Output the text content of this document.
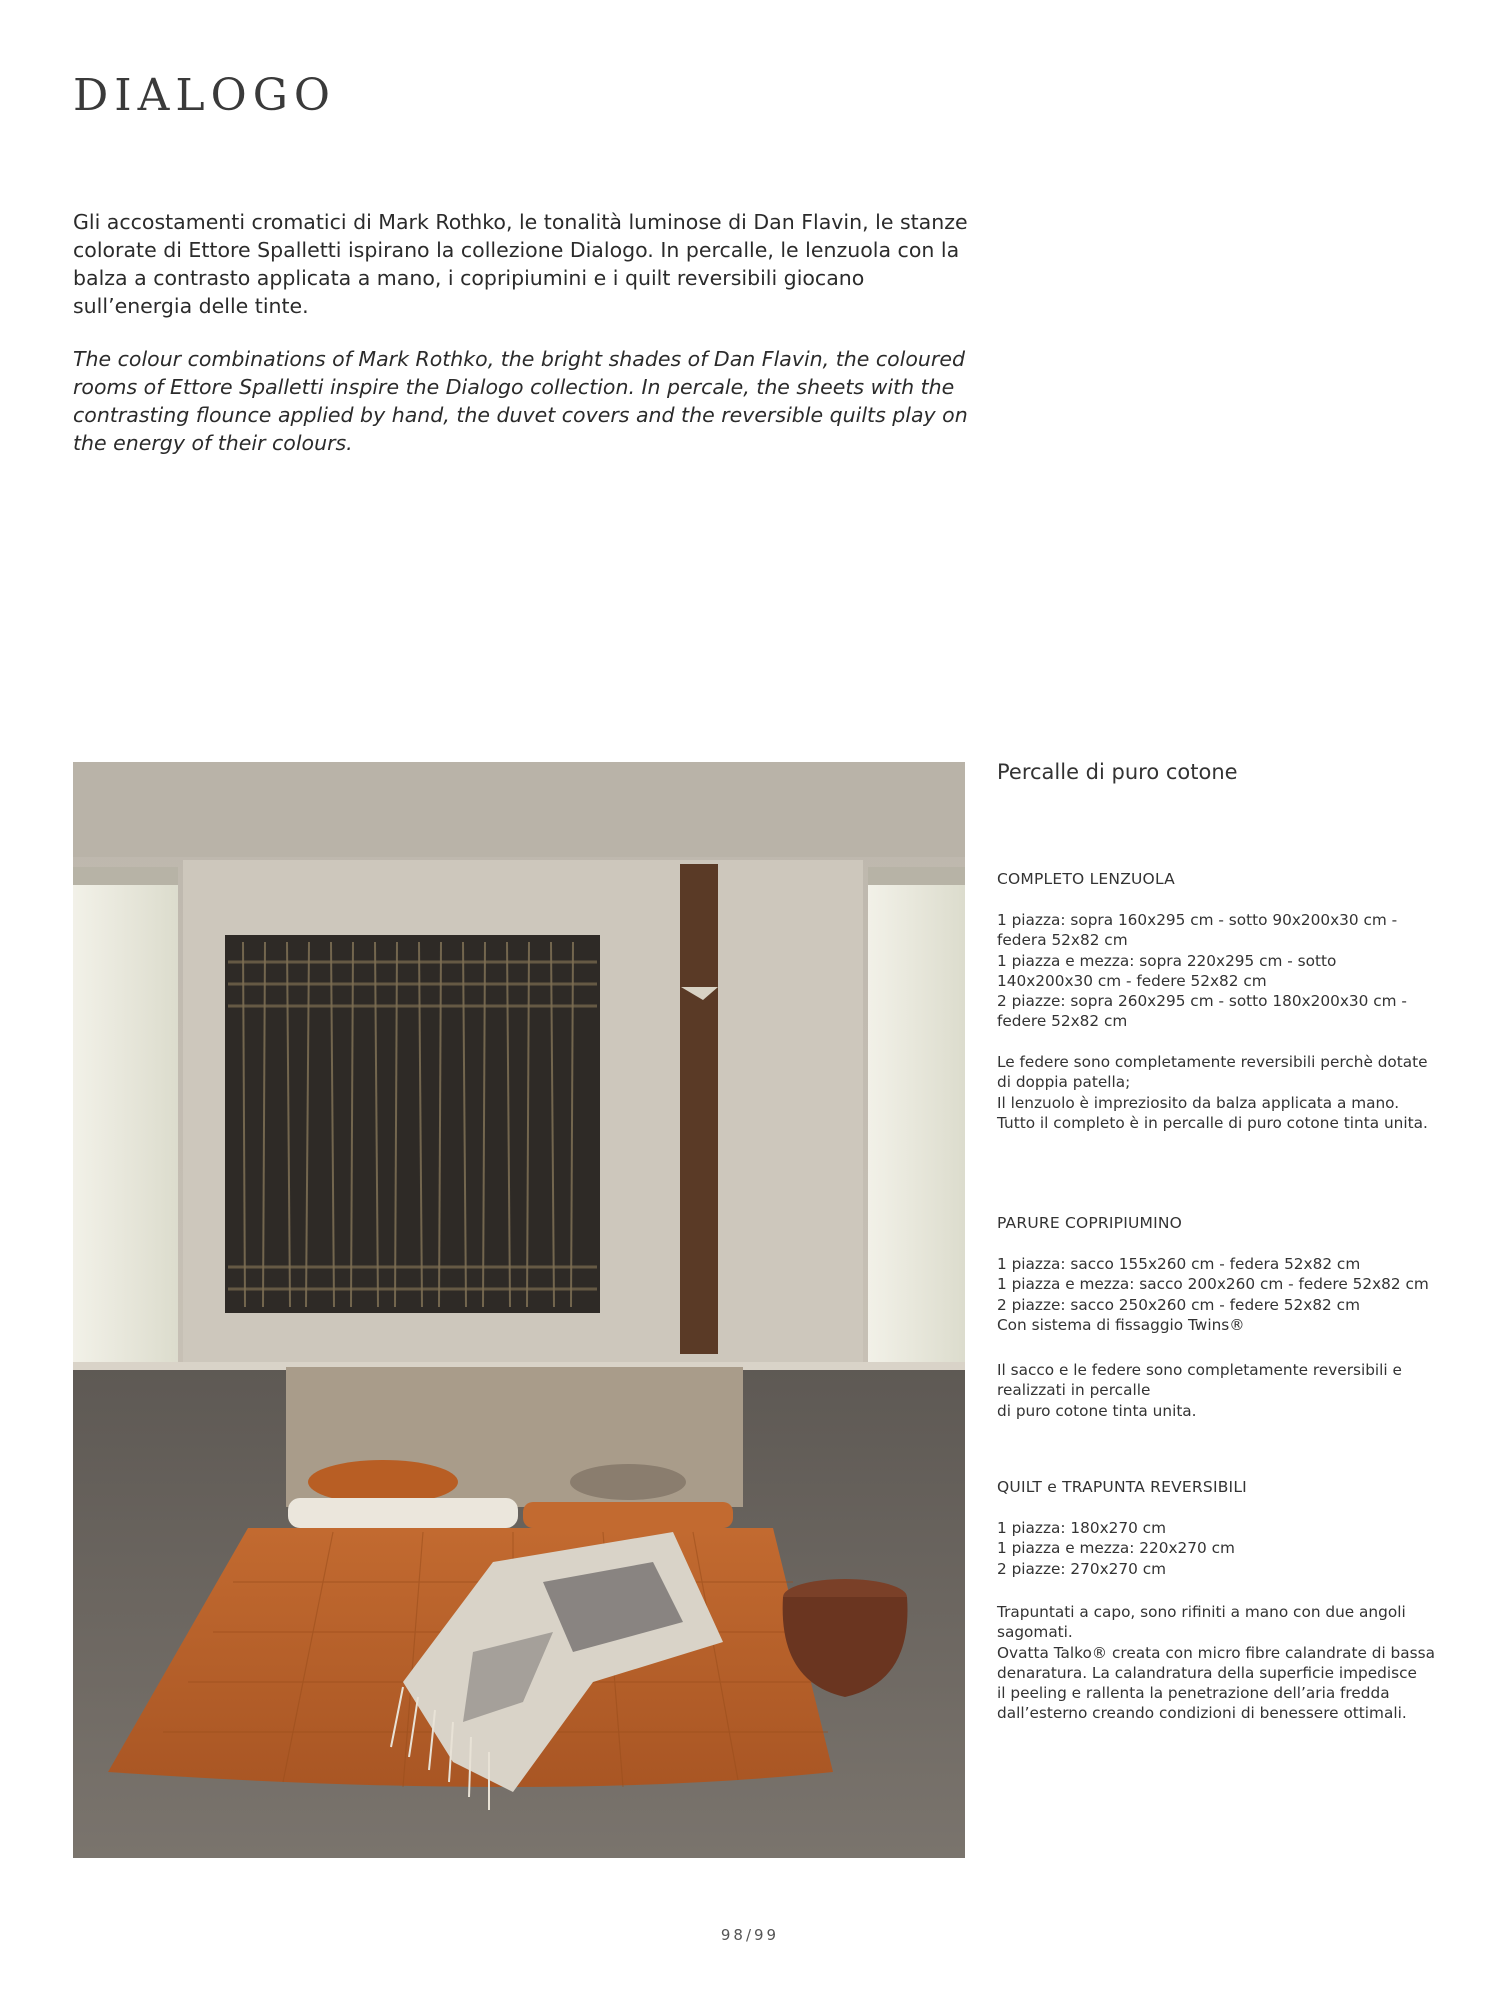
DIALOGO

Gli accostamenti cromatici di Mark Rothko, le tonalità luminose di Dan Flavin, le stanze colorate di Ettore Spalletti ispirano la collezione Dialogo. In percalle, le lenzuola con la balza a contrasto applicata a mano, i copripiumini e i quilt reversibili giocano sull’energia delle tinte.

The colour combinations of Mark Rothko, the bright shades of Dan Flavin, the coloured rooms of Ettore Spalletti inspire the Dialogo collection. In percale, the sheets with the contrasting flounce applied by hand, the duvet covers and the reversible quilts play on the energy of their colours.

Percalle di puro cotone

COMPLETO LENZUOLA

1 piazza: sopra 160x295 cm - sotto 90x200x30 cm - federa 52x82 cm
1 piazza e mezza: sopra 220x295 cm - sotto 140x200x30 cm - federe 52x82 cm
2 piazze: sopra 260x295 cm - sotto 180x200x30 cm - federe 52x82 cm

Le federe sono completamente reversibili perchè dotate di doppia patella;
Il lenzuolo è impreziosito da balza applicata a mano.
Tutto il completo è in percalle di puro cotone tinta unita.

PARURE COPRIPIUMINO

1 piazza: sacco 155x260 cm - federa 52x82 cm
1 piazza e mezza: sacco 200x260 cm - federe 52x82 cm
2 piazze: sacco 250x260 cm - federe 52x82 cm
Con sistema di fissaggio Twins®

Il sacco e le federe sono completamente reversibili e realizzati in percalle
di puro cotone tinta unita.

QUILT e TRAPUNTA REVERSIBILI

1 piazza: 180x270 cm
1 piazza e mezza: 220x270 cm
2 piazze: 270x270 cm

Trapuntati a capo, sono rifiniti a mano con due angoli sagomati.
Ovatta Talko® creata con micro fibre calandrate di bassa denaratura. La calandratura della superficie impedisce
il peeling e rallenta la penetrazione dell’aria fredda dall’esterno creando condizioni di benessere ottimali.

98/99
